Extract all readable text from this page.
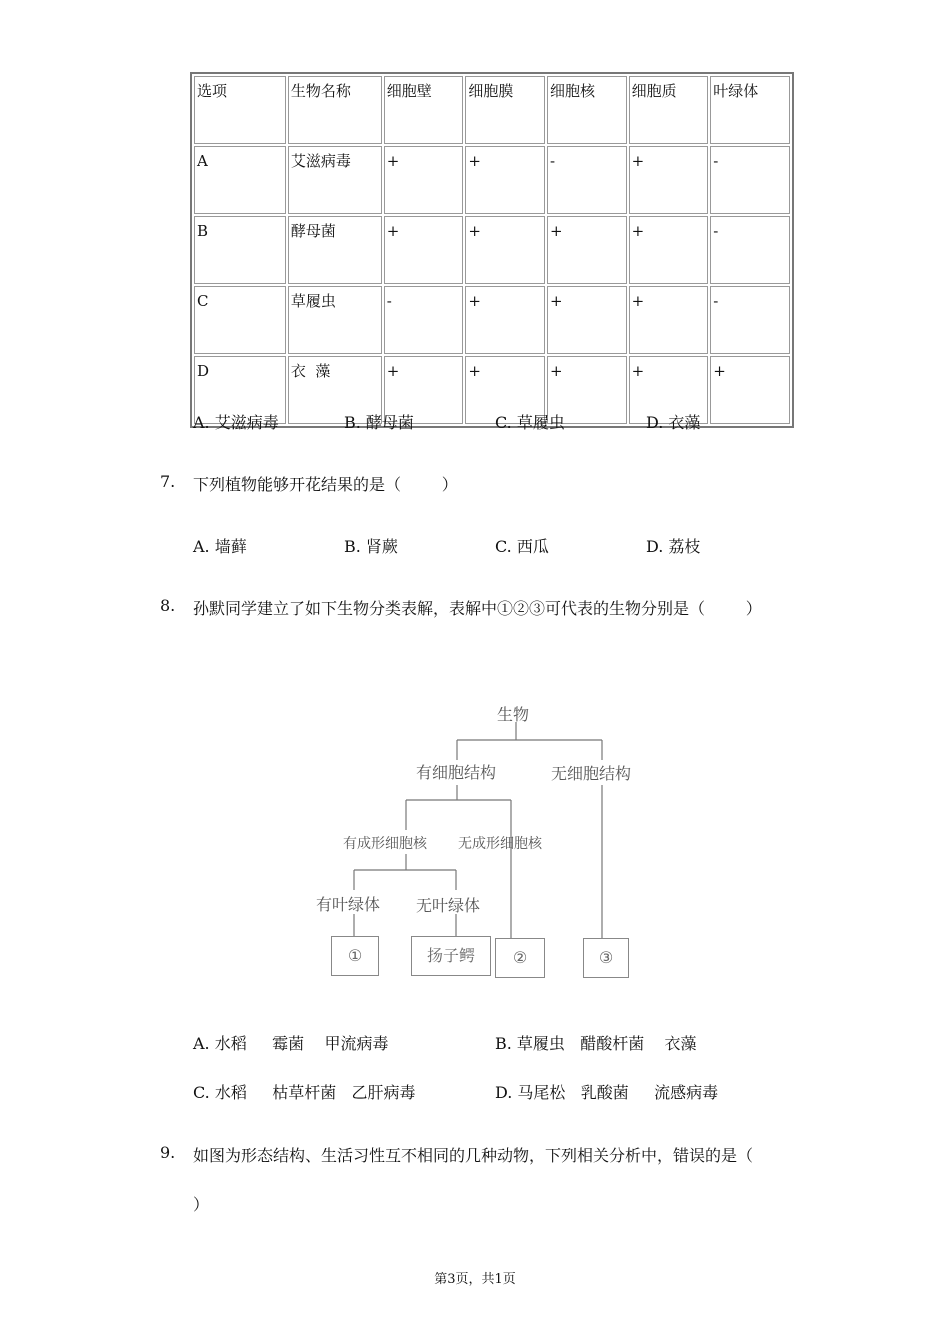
选项	生物名称	细胞壁	细胞膜	细胞核	细胞质	叶绿体
A	艾滋病毒	+	+	-	+	-
B	酵母菌	+	+	+	+	-
C	草履虫	-	+	+	+	-
D	衣  藻	+	+	+	+	+
A. 艾滋病毒	B. 酵母菌	C. 草履虫	D. 衣藻
7. 下列植物能够开花结果的是（        ）
A. 墙藓	B. 肾蕨	C. 西瓜	D. 荔枝
8. 孙默同学建立了如下生物分类表解，表解中①②③可代表的生物分别是（        ）
生物
有细胞结构	无细胞结构
有成形细胞核 无成形细胞核
有叶绿体 无叶绿体
①	扬子鳄	②	③
A. 水稻     霉菌    甲流病毒	B. 草履虫   醋酸杆菌    衣藻
C. 水稻     枯草杆菌   乙肝病毒	D. 马尾松   乳酸菌     流感病毒
9. 如图为形态结构、生活习性互不相同的几种动物，下列相关分析中，错误的是（
）
第3页，共1页
